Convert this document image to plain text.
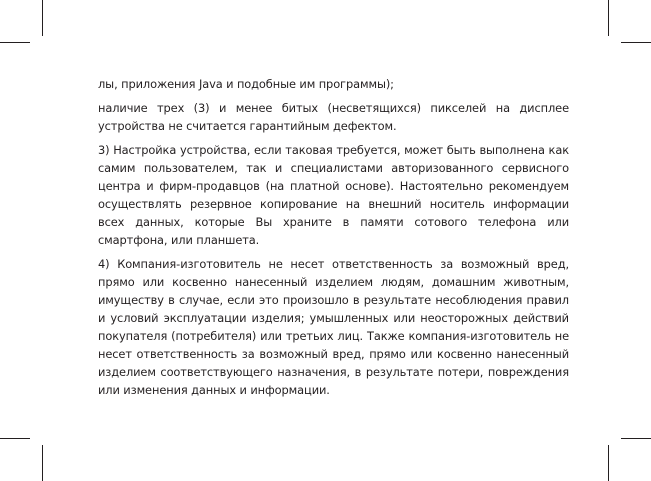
лы, приложения Java и подобные им программы);

наличие трех (3) и менее битых (несветящихся) пикселей на дисплее устройства не считается гарантийным дефектом.

3) Настройка устройства, если таковая требуется, может быть выполнена как самим пользователем, так и специалистами авторизованного сервисного центра и фирм-продавцов (на платной основе). Настоятельно рекомендуем осуществлять резервное копирование на внешний носитель информации всех данных, которые Вы храните в памяти сотового телефона или смартфона, или планшета.

4) Компания-изготовитель не несет ответственность за возможный вред, прямо или косвенно нанесенный изделием людям, домашним животным, имуществу в случае, если это произошло в результате несоблюдения правил и условий эксплуатации изделия; умышленных или неосторожных действий покупателя (потребителя) или третьих лиц. Также компания-изготовитель не несет ответственность за возможный вред, прямо или косвенно нанесенный изделием соответствующего назначения, в результате потери, повреждения или изменения данных и информации.
